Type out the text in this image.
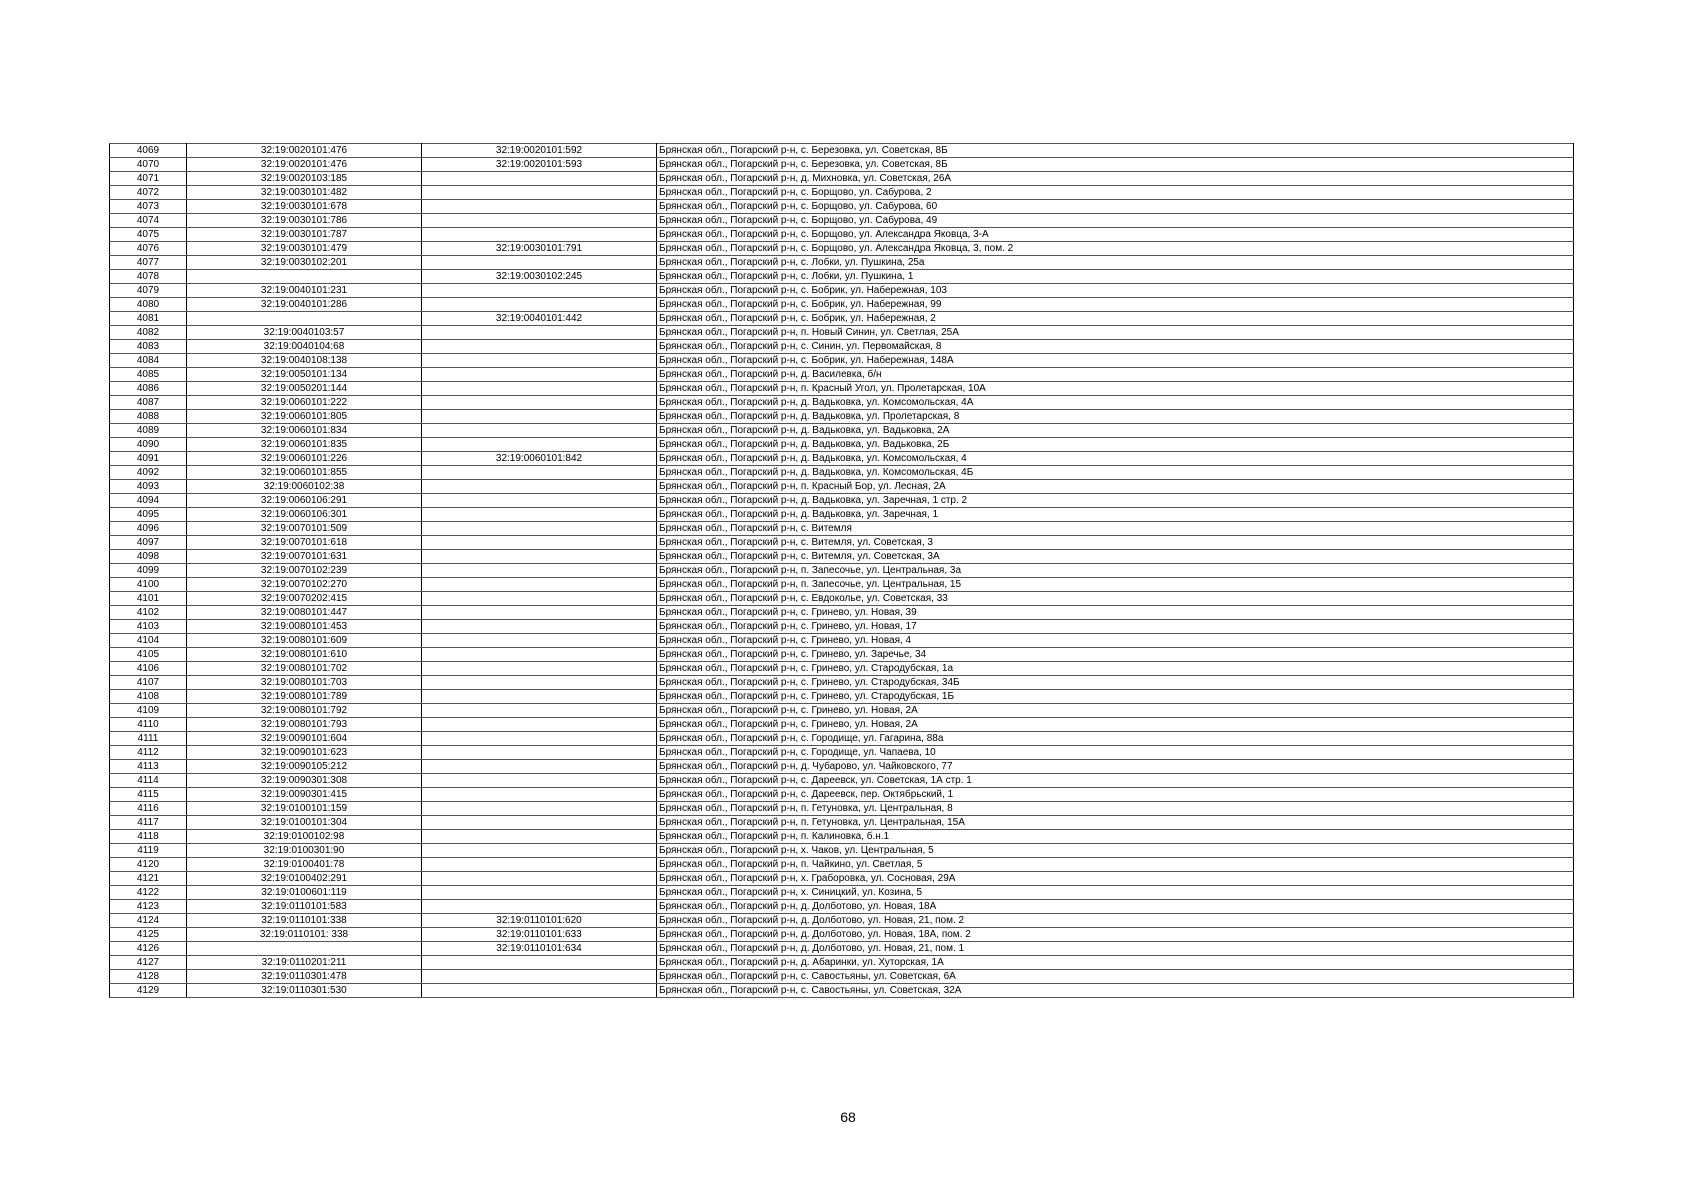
4069	32:19:0020101:476	32:19:0020101:592	Брянская обл., Погарский р-н, с. Березовка, ул. Советская, 8Б
4070	32:19:0020101:476	32:19:0020101:593	Брянская обл., Погарский р-н, с. Березовка, ул. Советская, 8Б
4071	32:19:0020103:185		Брянская обл., Погарский р-н, д. Михновка, ул. Советская, 26А
4072	32:19:0030101:482		Брянская обл., Погарский р-н, с. Борщово, ул. Сабурова, 2
4073	32:19:0030101:678		Брянская обл., Погарский р-н, с. Борщово, ул. Сабурова, 60
4074	32:19:0030101:786		Брянская обл., Погарский р-н, с. Борщово, ул. Сабурова, 49
4075	32:19:0030101:787		Брянская обл., Погарский р-н, с. Борщово, ул. Александра Яковца, 3-А
4076	32:19:0030101:479	32:19:0030101:791	Брянская обл., Погарский р-н, с. Борщово, ул. Александра Яковца, 3, пом. 2
4077	32:19:0030102:201		Брянская обл., Погарский р-н, с. Лобки, ул. Пушкина, 25а
4078		32:19:0030102:245	Брянская обл., Погарский р-н, с. Лобки, ул. Пушкина, 1
4079	32:19:0040101:231		Брянская обл., Погарский р-н, с. Бобрик, ул. Набережная, 103
4080	32:19:0040101:286		Брянская обл., Погарский р-н, с. Бобрик, ул. Набережная, 99
4081		32:19:0040101:442	Брянская обл., Погарский р-н, с. Бобрик, ул. Набережная, 2
4082	32:19:0040103:57		Брянская обл., Погарский р-н, п. Новый Синин, ул. Светлая, 25А
4083	32:19:0040104:68		Брянская обл., Погарский р-н, с. Синин, ул. Первомайская, 8
4084	32:19:0040108:138		Брянская обл., Погарский р-н, с. Бобрик, ул. Набережная, 148А
4085	32:19:0050101:134		Брянская обл., Погарский р-н, д. Василевка, б/н
4086	32:19:0050201:144		Брянская обл., Погарский р-н, п. Красный Угол, ул. Пролетарская, 10А
4087	32:19:0060101:222		Брянская обл., Погарский р-н, д. Вадьковка, ул. Комсомольская, 4А
4088	32:19:0060101:805		Брянская обл., Погарский р-н, д. Вадьковка, ул. Пролетарская, 8
4089	32:19:0060101:834		Брянская обл., Погарский р-н, д. Вадьковка, ул. Вадьковка, 2А
4090	32:19:0060101:835		Брянская обл., Погарский р-н, д. Вадьковка, ул. Вадьковка, 2Б
4091	32:19:0060101:226	32:19:0060101:842	Брянская обл., Погарский р-н, д. Вадьковка, ул. Комсомольская, 4
4092	32:19:0060101:855		Брянская обл., Погарский р-н, д. Вадьковка, ул. Комсомольская, 4Б
4093	32:19:0060102:38		Брянская обл., Погарский р-н, п. Красный Бор, ул. Лесная, 2А
4094	32:19:0060106:291		Брянская обл., Погарский р-н, д. Вадьковка, ул. Заречная, 1 стр. 2
4095	32:19:0060106:301		Брянская обл., Погарский р-н, д. Вадьковка, ул. Заречная, 1
4096	32:19:0070101:509		Брянская обл., Погарский р-н, с. Витемля
4097	32:19:0070101:618		Брянская обл., Погарский р-н, с. Витемля, ул. Советская, 3
4098	32:19:0070101:631		Брянская обл., Погарский р-н, с. Витемля, ул. Советская, 3А
4099	32:19:0070102:239		Брянская обл., Погарский р-н, п. Запесочье, ул. Центральная, 3а
4100	32:19:0070102:270		Брянская обл., Погарский р-н, п. Запесочье, ул. Центральная, 15
4101	32:19:0070202:415		Брянская обл., Погарский р-н, с. Евдоколье, ул. Советская, 33
4102	32:19:0080101:447		Брянская обл., Погарский р-н, с. Гринево, ул. Новая, 39
4103	32:19:0080101:453		Брянская обл., Погарский р-н, с. Гринево, ул. Новая, 17
4104	32:19:0080101:609		Брянская обл., Погарский р-н, с. Гринево, ул. Новая, 4
4105	32:19:0080101:610		Брянская обл., Погарский р-н, с. Гринево, ул. Заречье, 34
4106	32:19:0080101:702		Брянская обл., Погарский р-н, с. Гринево, ул. Стародубская, 1а
4107	32:19:0080101:703		Брянская обл., Погарский р-н, с. Гринево, ул. Стародубская, 34Б
4108	32:19:0080101:789		Брянская обл., Погарский р-н, с. Гринево, ул. Стародубская, 1Б
4109	32:19:0080101:792		Брянская обл., Погарский р-н, с. Гринево, ул. Новая, 2А
4110	32:19:0080101:793		Брянская обл., Погарский р-н, с. Гринево, ул. Новая, 2А
4111	32:19:0090101:604		Брянская обл., Погарский р-н, с. Городище, ул. Гагарина, 88а
4112	32:19:0090101:623		Брянская обл., Погарский р-н, с. Городище, ул. Чапаева, 10
4113	32:19:0090105:212		Брянская обл., Погарский р-н, д. Чубарово, ул. Чайковского, 77
4114	32:19:0090301:308		Брянская обл., Погарский р-н, с. Дареевск, ул. Советская, 1А стр. 1
4115	32:19:0090301:415		Брянская обл., Погарский р-н, с. Дареевск, пер. Октябрьский, 1
4116	32:19:0100101:159		Брянская обл., Погарский р-н, п. Гетуновка, ул. Центральная, 8
4117	32:19:0100101:304		Брянская обл., Погарский р-н, п. Гетуновка, ул. Центральная, 15А
4118	32:19:0100102:98		Брянская обл., Погарский р-н, п. Калиновка, б.н.1
4119	32:19:0100301:90		Брянская обл., Погарский р-н, х. Чаков, ул. Центральная, 5
4120	32:19:0100401:78		Брянская обл., Погарский р-н, п. Чайкино, ул. Светлая, 5
4121	32:19:0100402:291		Брянская обл., Погарский р-н, х. Граборовка, ул. Сосновая, 29А
4122	32:19:0100601:119		Брянская обл., Погарский р-н, х. Синицкий, ул. Козина, 5
4123	32:19:0110101:583		Брянская обл., Погарский р-н, д. Долботово, ул. Новая, 18А
4124	32:19:0110101:338	32:19:0110101:620	Брянская обл., Погарский р-н, д. Долботово, ул. Новая, 21, пом. 2
4125	32:19:0110101: 338	32:19:0110101:633	Брянская обл., Погарский р-н, д. Долботово, ул. Новая, 18А, пом. 2
4126		32:19:0110101:634	Брянская обл., Погарский р-н, д. Долботово, ул. Новая, 21, пом. 1
4127	32:19:0110201:211		Брянская обл., Погарский р-н, д. Абаринки, ул. Хуторская, 1А
4128	32:19:0110301:478		Брянская обл., Погарский р-н, с. Савостьяны, ул. Советская, 6А
4129	32:19:0110301:530		Брянская обл., Погарский р-н, с. Савостьяны, ул. Советская, 32А
68
